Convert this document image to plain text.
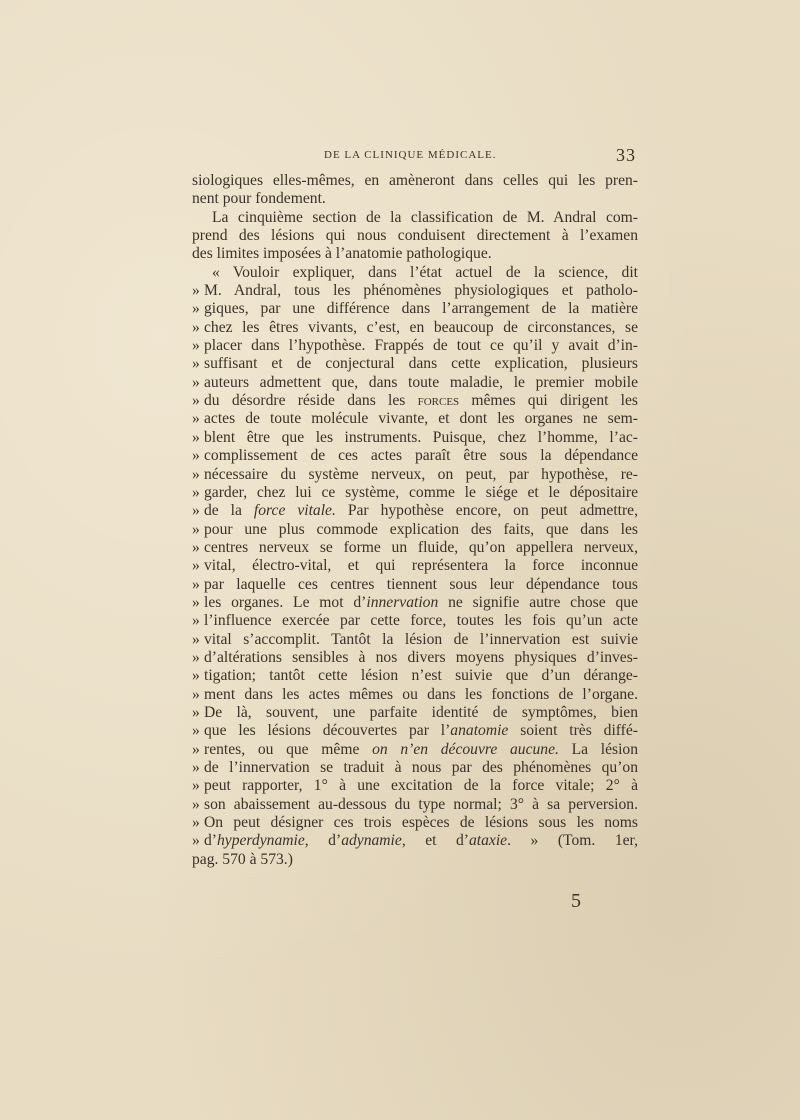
DE LA CLINIQUE MÉDICALE.	33
siologiques elles-mêmes, en amèneront dans celles qui les pren-
nent pour fondement.
La cinquième section de la classification de M. Andral com-
prend des lésions qui nous conduisent directement à l’examen
des limites imposées à l’anatomie pathologique.
« Vouloir expliquer, dans l’état actuel de la science, dit
» M. Andral, tous les phénomènes physiologiques et patholo-
» giques, par une différence dans l’arrangement de la matière
» chez les êtres vivants, c’est, en beaucoup de circonstances, se
» placer dans l’hypothèse. Frappés de tout ce qu’il y avait d’in-
» suffisant et de conjectural dans cette explication, plusieurs
» auteurs admettent que, dans toute maladie, le premier mobile
» du désordre réside dans les forces mêmes qui dirigent les
» actes de toute molécule vivante, et dont les organes ne sem-
» blent être que les instruments. Puisque, chez l’homme, l’ac-
» complissement de ces actes paraît être sous la dépendance
» nécessaire du système nerveux, on peut, par hypothèse, re-
» garder, chez lui ce système, comme le siége et le dépositaire
» de la force vitale. Par hypothèse encore, on peut admettre,
» pour une plus commode explication des faits, que dans les
» centres nerveux se forme un fluide, qu’on appellera nerveux,
» vital, électro-vital, et qui représentera la force inconnue
» par laquelle ces centres tiennent sous leur dépendance tous
» les organes. Le mot d’innervation ne signifie autre chose que
» l’influence exercée par cette force, toutes les fois qu’un acte
» vital s’accomplit. Tantôt la lésion de l’innervation est suivie
» d’altérations sensibles à nos divers moyens physiques d’inves-
» tigation; tantôt cette lésion n’est suivie que d’un dérange-
» ment dans les actes mêmes ou dans les fonctions de l’organe.
» De là, souvent, une parfaite identité de symptômes, bien
» que les lésions découvertes par l’anatomie soient très diffé-
» rentes, ou que même on n’en découvre aucune. La lésion
» de l’innervation se traduit à nous par des phénomènes qu’on
» peut rapporter, 1° à une excitation de la force vitale; 2° à
» son abaissement au-dessous du type normal; 3° à sa perversion.
» On peut désigner ces trois espèces de lésions sous les noms
» d’hyperdynamie, d’adynamie, et d’ataxie. » (Tom. 1er,
pag. 570 à 573.)
5
